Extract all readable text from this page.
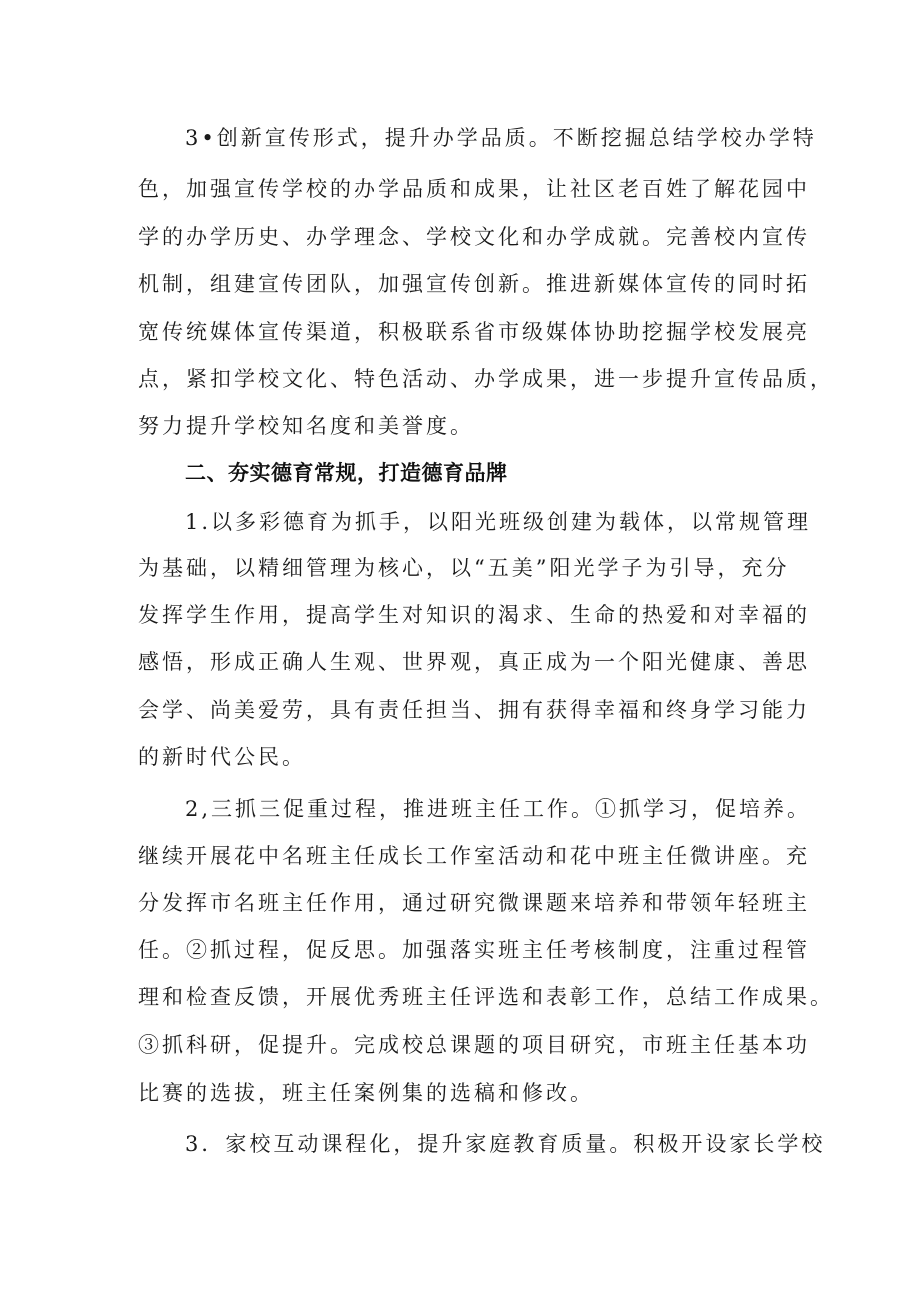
3•创新宣传形式，提升办学品质。不断挖掘总结学校办学特
色，加强宣传学校的办学品质和成果，让社区老百姓了解花园中
学的办学历史、办学理念、学校文化和办学成就。完善校内宣传
机制，组建宣传团队，加强宣传创新。推进新媒体宣传的同时拓
宽传统媒体宣传渠道，积极联系省市级媒体协助挖掘学校发展亮
点，紧扣学校文化、特色活动、办学成果，进一步提升宣传品质，
努力提升学校知名度和美誉度。
二、夯实德育常规，打造德育品牌
1.以多彩德育为抓手，以阳光班级创建为载体，以常规管理
为基础，以精细管理为核心，以“五美”阳光学子为引导，充分
发挥学生作用，提高学生对知识的渴求、生命的热爱和对幸福的
感悟，形成正确人生观、世界观，真正成为一个阳光健康、善思
会学、尚美爱劳，具有责任担当、拥有获得幸福和终身学习能力
的新时代公民。
2,三抓三促重过程，推进班主任工作。①抓学习，促培养。
继续开展花中名班主任成长工作室活动和花中班主任微讲座。充
分发挥市名班主任作用，通过研究微课题来培养和带领年轻班主
任。②抓过程，促反思。加强落实班主任考核制度，注重过程管
理和检查反馈，开展优秀班主任评选和表彰工作，总结工作成果。
③抓科研，促提升。完成校总课题的项目研究，市班主任基本功
比赛的选拔，班主任案例集的选稿和修改。
3．家校互动课程化，提升家庭教育质量。积极开设家长学校
